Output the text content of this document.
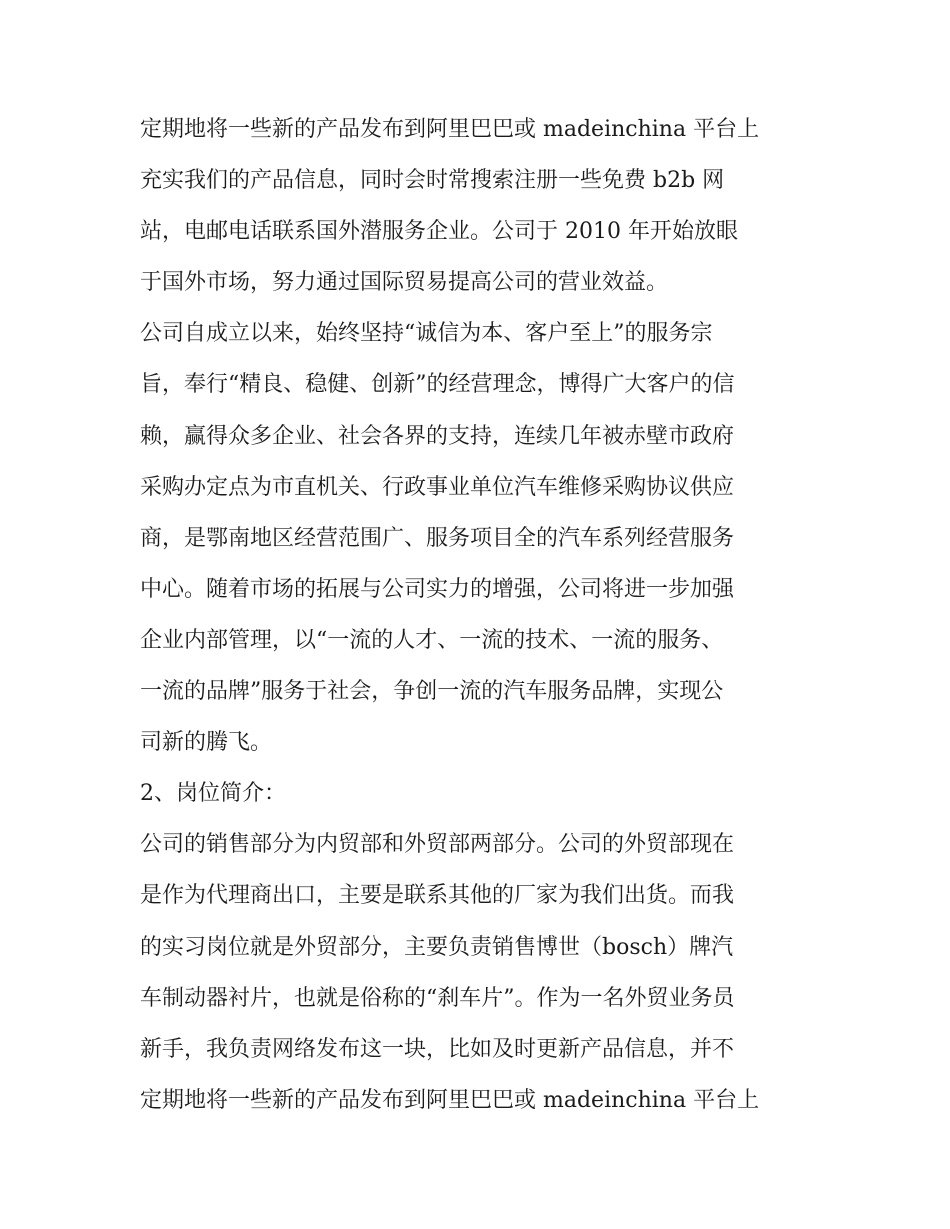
定期地将一些新的产品发布到阿里巴巴或 madeinchina 平台上
充实我们的产品信息，同时会时常搜索注册一些免费 b2b 网
站，电邮电话联系国外潜服务企业。公司于 2010 年开始放眼
于国外市场，努力通过国际贸易提高公司的营业效益。
公司自成立以来，始终坚持“诚信为本、客户至上”的服务宗
旨，奉行“精良、稳健、创新”的经营理念，博得广大客户的信
赖，赢得众多企业、社会各界的支持，连续几年被赤壁市政府
采购办定点为市直机关、行政事业单位汽车维修采购协议供应
商，是鄂南地区经营范围广、服务项目全的汽车系列经营服务
中心。随着市场的拓展与公司实力的增强，公司将进一步加强
企业内部管理，以“一流的人才、一流的技术、一流的服务、
一流的品牌”服务于社会，争创一流的汽车服务品牌，实现公
司新的腾飞。
2、岗位简介：
公司的销售部分为内贸部和外贸部两部分。公司的外贸部现在
是作为代理商出口，主要是联系其他的厂家为我们出货。而我
的实习岗位就是外贸部分，主要负责销售博世（bosch）牌汽
车制动器衬片，也就是俗称的“刹车片”。作为一名外贸业务员
新手，我负责网络发布这一块，比如及时更新产品信息，并不
定期地将一些新的产品发布到阿里巴巴或 madeinchina 平台上
